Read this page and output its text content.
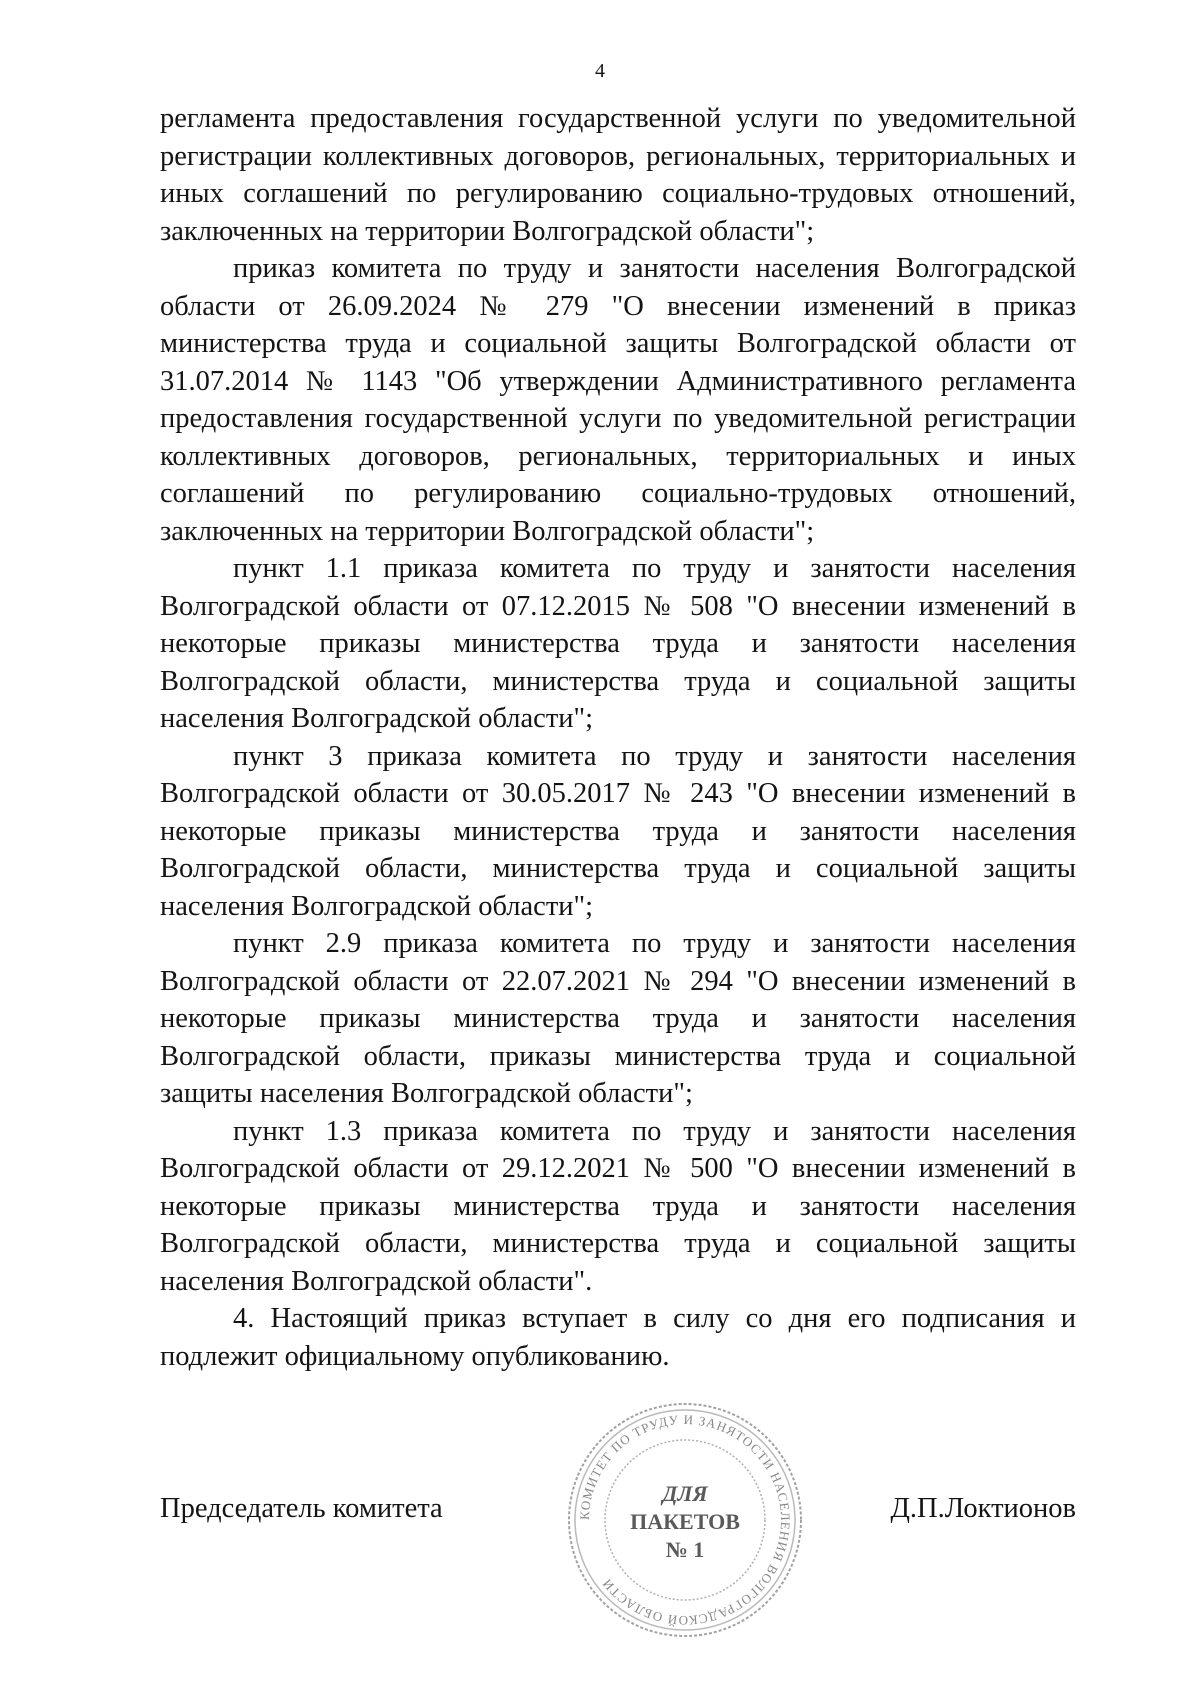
4

регламента предоставления государственной услуги по уведомительной регистрации коллективных договоров, региональных, территориальных и иных соглашений по регулированию социально-трудовых отношений, заключенных на территории Волгоградской области";

приказ комитета по труду и занятости населения Волгоградской области от 26.09.2024 № 279 "О внесении изменений в приказ министерства труда и социальной защиты Волгоградской области от 31.07.2014 № 1143 "Об утверждении Административного регламента предоставления государственной услуги по уведомительной регистрации коллективных договоров, региональных, территориальных и иных соглашений по регулированию социально-трудовых отношений, заключенных на территории Волгоградской области";

пункт 1.1 приказа комитета по труду и занятости населения Волгоградской области от 07.12.2015 № 508 "О внесении изменений в некоторые приказы министерства труда и занятости населения Волгоградской области, министерства труда и социальной защиты населения Волгоградской области";

пункт 3 приказа комитета по труду и занятости населения Волгоградской области от 30.05.2017 № 243 "О внесении изменений в некоторые приказы министерства труда и занятости населения Волгоградской области, министерства труда и социальной защиты населения Волгоградской области";

пункт 2.9 приказа комитета по труду и занятости населения Волгоградской области от 22.07.2021 № 294 "О внесении изменений в некоторые приказы министерства труда и занятости населения Волгоградской области, приказы министерства труда и социальной защиты населения Волгоградской области";

пункт 1.3 приказа комитета по труду и занятости населения Волгоградской области от 29.12.2021 № 500 "О внесении изменений в некоторые приказы министерства труда и занятости населения Волгоградской области, министерства труда и социальной защиты населения Волгоградской области".

4. Настоящий приказ вступает в силу со дня его подписания и подлежит официальному опубликованию.

Председатель комитета	Д.П.Локтионов
КОМИТЕТ ПО ТРУДУ И ЗАНЯТОСТИ НАСЕЛЕНИЯ ВОЛГОГРАДСКОЙ ОБЛАСТИ
ДЛЯ
ПАКЕТОВ
№ 1
